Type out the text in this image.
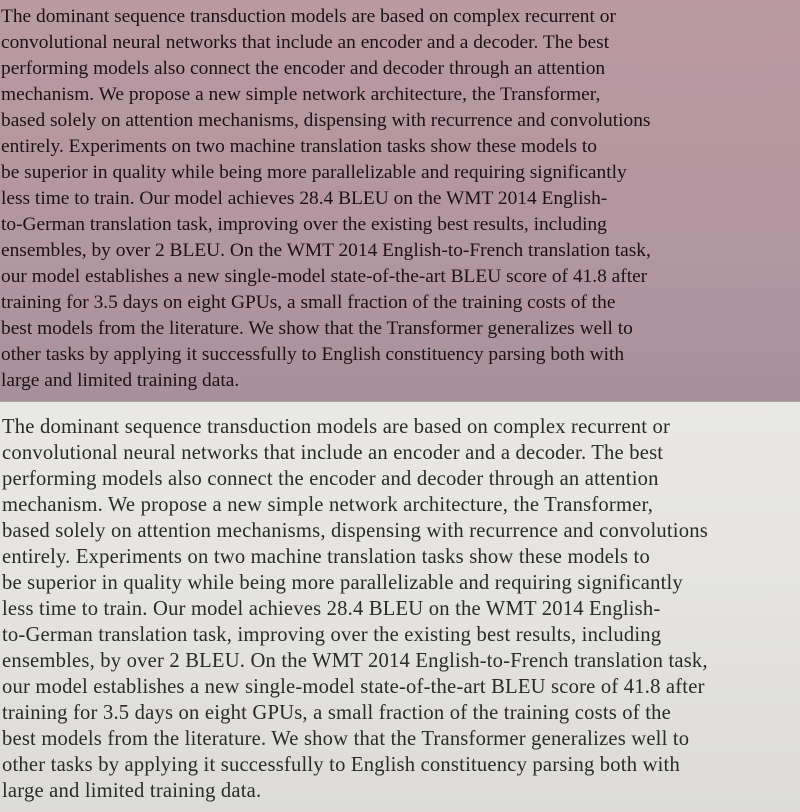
The dominant sequence transduction models are based on complex recurrent or
convolutional neural networks that include an encoder and a decoder. The best
performing models also connect the encoder and decoder through an attention
mechanism. We propose a new simple network architecture, the Transformer,
based solely on attention mechanisms, dispensing with recurrence and convolutions
entirely. Experiments on two machine translation tasks show these models to
be superior in quality while being more parallelizable and requiring significantly
less time to train. Our model achieves 28.4 BLEU on the WMT 2014 English-
to-German translation task, improving over the existing best results, including
ensembles, by over 2 BLEU. On the WMT 2014 English-to-French translation task,
our model establishes a new single-model state-of-the-art BLEU score of 41.8 after
training for 3.5 days on eight GPUs, a small fraction of the training costs of the
best models from the literature. We show that the Transformer generalizes well to
other tasks by applying it successfully to English constituency parsing both with
large and limited training data.
The dominant sequence transduction models are based on complex recurrent or
convolutional neural networks that include an encoder and a decoder. The best
performing models also connect the encoder and decoder through an attention
mechanism. We propose a new simple network architecture, the Transformer,
based solely on attention mechanisms, dispensing with recurrence and convolutions
entirely. Experiments on two machine translation tasks show these models to
be superior in quality while being more parallelizable and requiring significantly
less time to train. Our model achieves 28.4 BLEU on the WMT 2014 English-
to-German translation task, improving over the existing best results, including
ensembles, by over 2 BLEU. On the WMT 2014 English-to-French translation task,
our model establishes a new single-model state-of-the-art BLEU score of 41.8 after
training for 3.5 days on eight GPUs, a small fraction of the training costs of the
best models from the literature. We show that the Transformer generalizes well to
other tasks by applying it successfully to English constituency parsing both with
large and limited training data.
